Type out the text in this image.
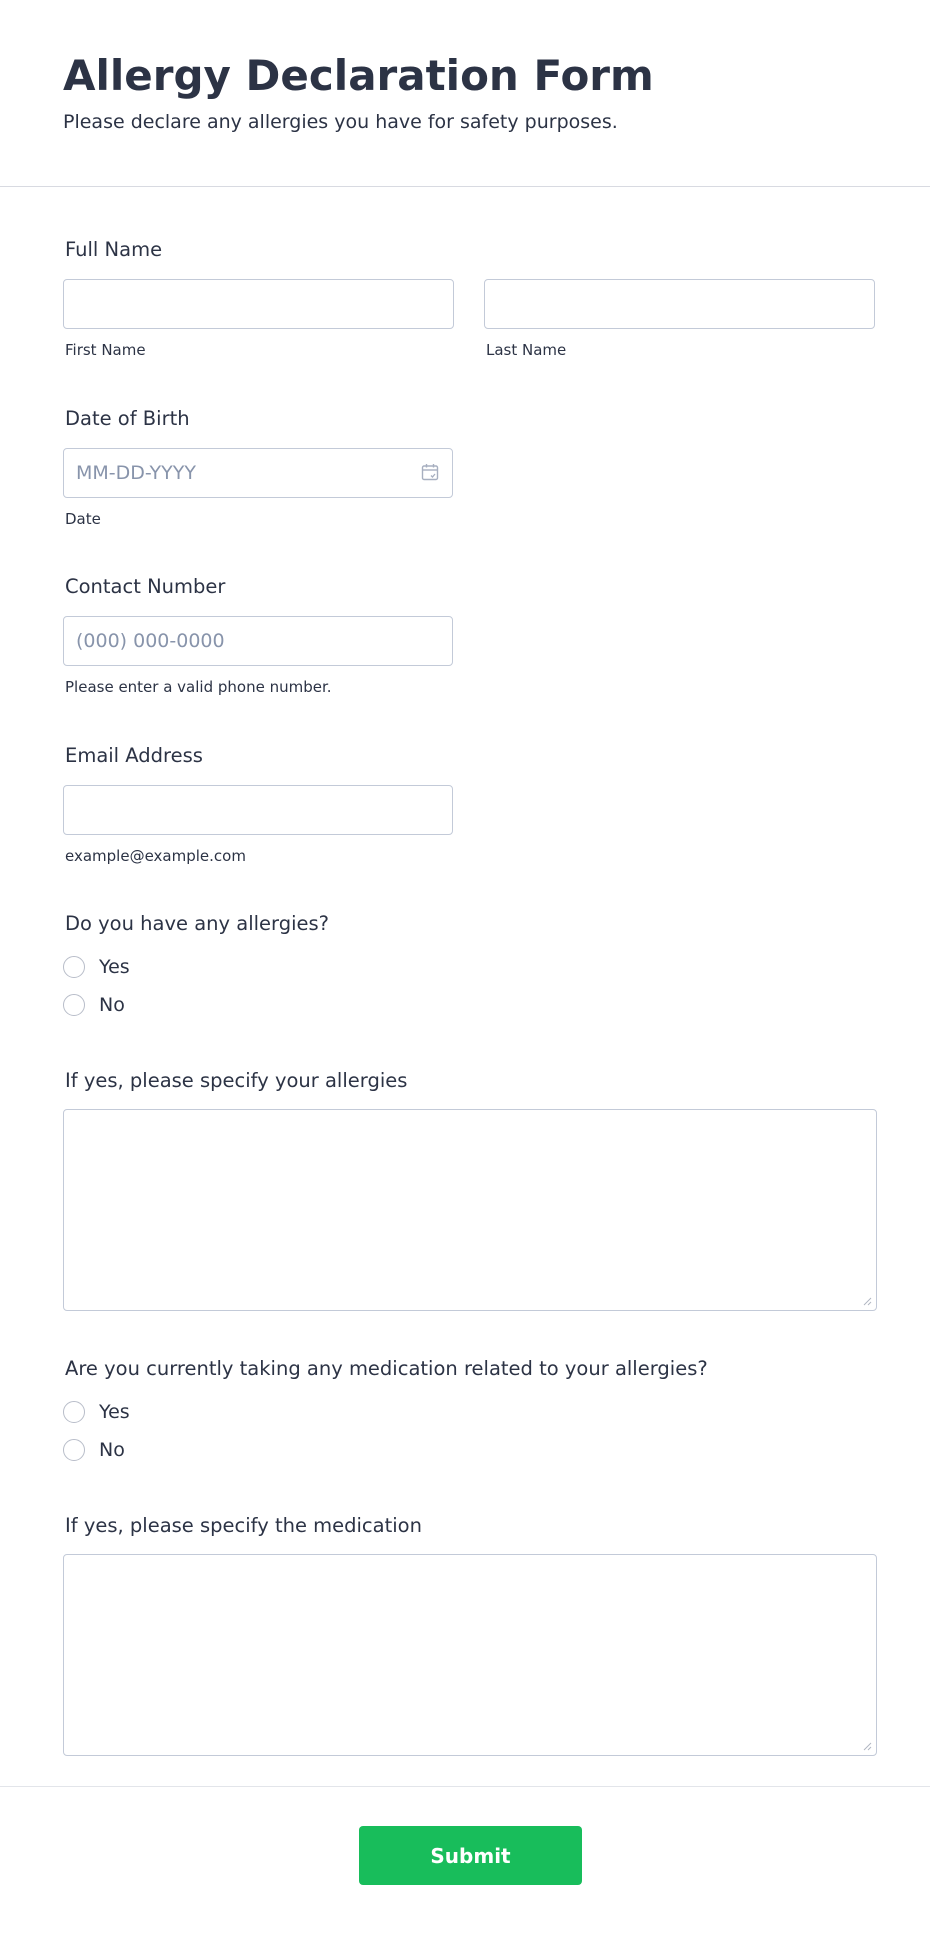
Allergy Declaration Form

Please declare any allergies you have for safety purposes.

Full Name
First Name	Last Name
Date of Birth
MM-DD-YYYY
Date
Contact Number
(000) 000-0000
Please enter a valid phone number.
Email Address
example@example.com
Do you have any allergies?
Yes
No
If yes, please specify your allergies
Are you currently taking any medication related to your allergies?
Yes
No
If yes, please specify the medication
Submit
